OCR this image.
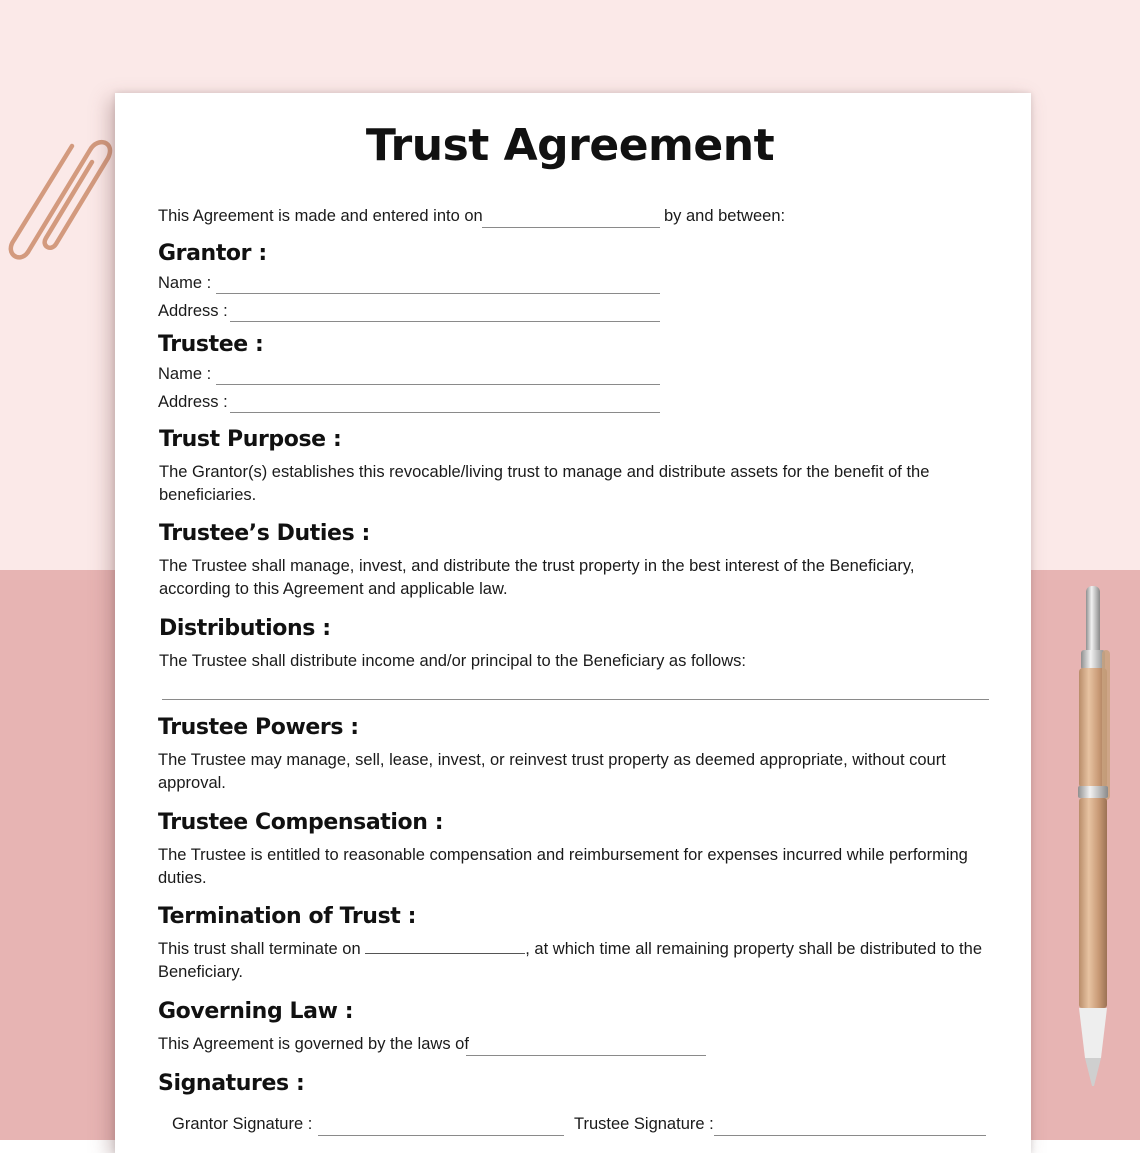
Trust Agreement
This Agreement is made and entered into on	by and between:
Grantor :
Name :
Address :
Trustee :
Name :
Address :
Trust Purpose :
The Grantor(s) establishes this revocable/living trust to manage and distribute assets for the benefit of the beneficiaries.
Trustee’s Duties :
The Trustee shall manage, invest, and distribute the trust property in the best interest of the Beneficiary, according to this Agreement and applicable law.
Distributions :
The Trustee shall distribute income and/or principal to the Beneficiary as follows:
Trustee Powers :
The Trustee may manage, sell, lease, invest, or reinvest trust property as deemed appropriate, without court approval.
Trustee Compensation :
The Trustee is entitled to reasonable compensation and reimbursement for expenses incurred while performing duties.
Termination of Trust :
This trust shall terminate on	, at which time all remaining property shall be distributed to the Beneficiary.
Governing Law :
This Agreement is governed by the laws of
Signatures :
Grantor Signature :	Trustee Signature :
